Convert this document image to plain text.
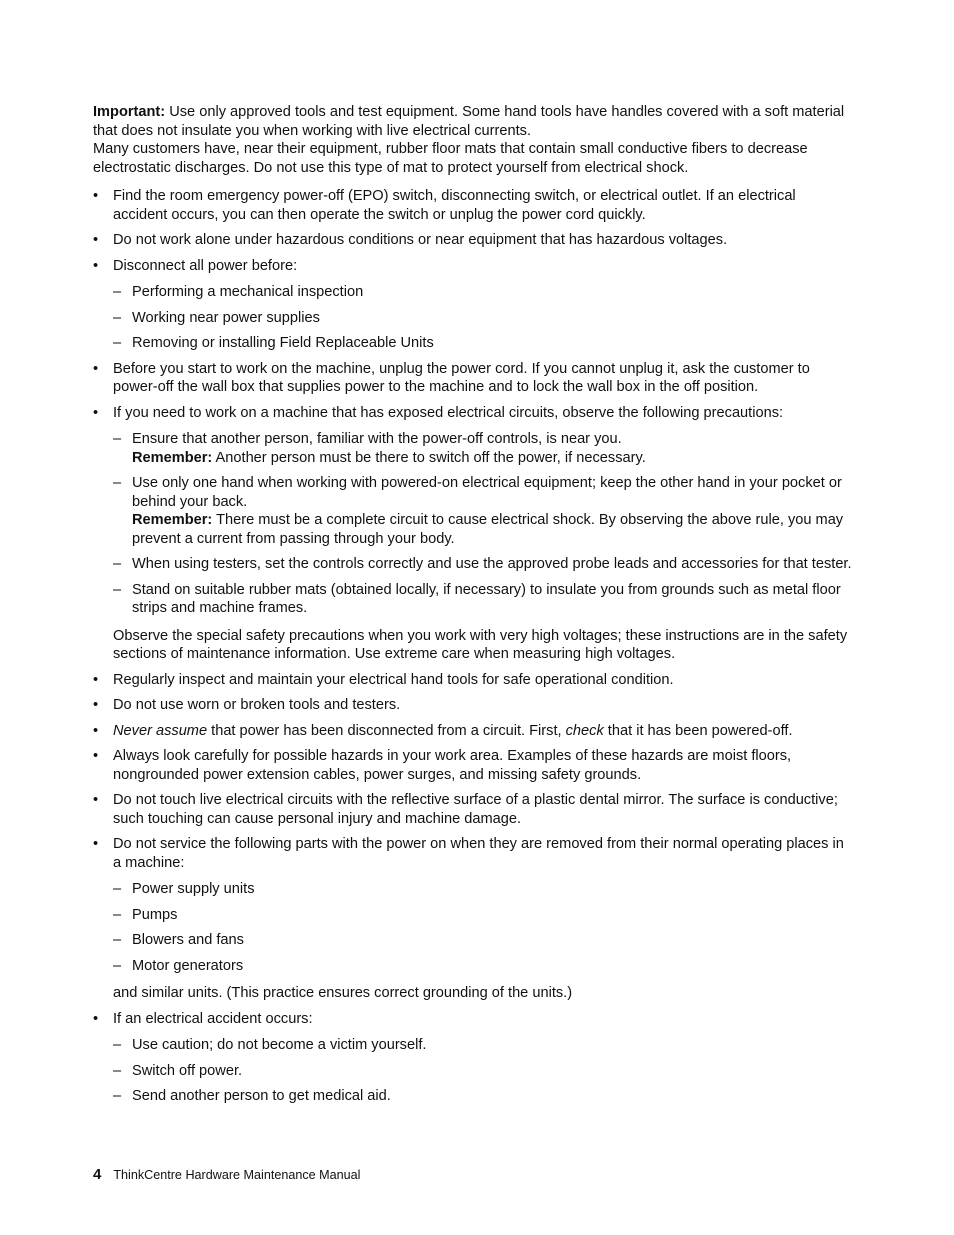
Important: Use only approved tools and test equipment. Some hand tools have handles covered with a soft material that does not insulate you when working with live electrical currents.

Many customers have, near their equipment, rubber floor mats that contain small conductive fibers to decrease electrostatic discharges. Do not use this type of mat to protect yourself from electrical shock.

• Find the room emergency power-off (EPO) switch, disconnecting switch, or electrical outlet. If an electrical accident occurs, you can then operate the switch or unplug the power cord quickly.
• Do not work alone under hazardous conditions or near equipment that has hazardous voltages.
• Disconnect all power before:
– Performing a mechanical inspection
– Working near power supplies
– Removing or installing Field Replaceable Units
• Before you start to work on the machine, unplug the power cord. If you cannot unplug it, ask the customer to power-off the wall box that supplies power to the machine and to lock the wall box in the off position.
• If you need to work on a machine that has exposed electrical circuits, observe the following precautions:
– Ensure that another person, familiar with the power-off controls, is near you.
Remember: Another person must be there to switch off the power, if necessary.
– Use only one hand when working with powered-on electrical equipment; keep the other hand in your pocket or behind your back.
Remember: There must be a complete circuit to cause electrical shock. By observing the above rule, you may prevent a current from passing through your body.
– When using testers, set the controls correctly and use the approved probe leads and accessories for that tester.
– Stand on suitable rubber mats (obtained locally, if necessary) to insulate you from grounds such as metal floor strips and machine frames.

Observe the special safety precautions when you work with very high voltages; these instructions are in the safety sections of maintenance information. Use extreme care when measuring high voltages.

• Regularly inspect and maintain your electrical hand tools for safe operational condition.
• Do not use worn or broken tools and testers.
• Never assume that power has been disconnected from a circuit. First, check that it has been powered-off.
• Always look carefully for possible hazards in your work area. Examples of these hazards are moist floors, nongrounded power extension cables, power surges, and missing safety grounds.
• Do not touch live electrical circuits with the reflective surface of a plastic dental mirror. The surface is conductive; such touching can cause personal injury and machine damage.
• Do not service the following parts with the power on when they are removed from their normal operating places in a machine:
– Power supply units
– Pumps
– Blowers and fans
– Motor generators

and similar units. (This practice ensures correct grounding of the units.)

• If an electrical accident occurs:
– Use caution; do not become a victim yourself.
– Switch off power.
– Send another person to get medical aid.
4 ThinkCentre Hardware Maintenance Manual
